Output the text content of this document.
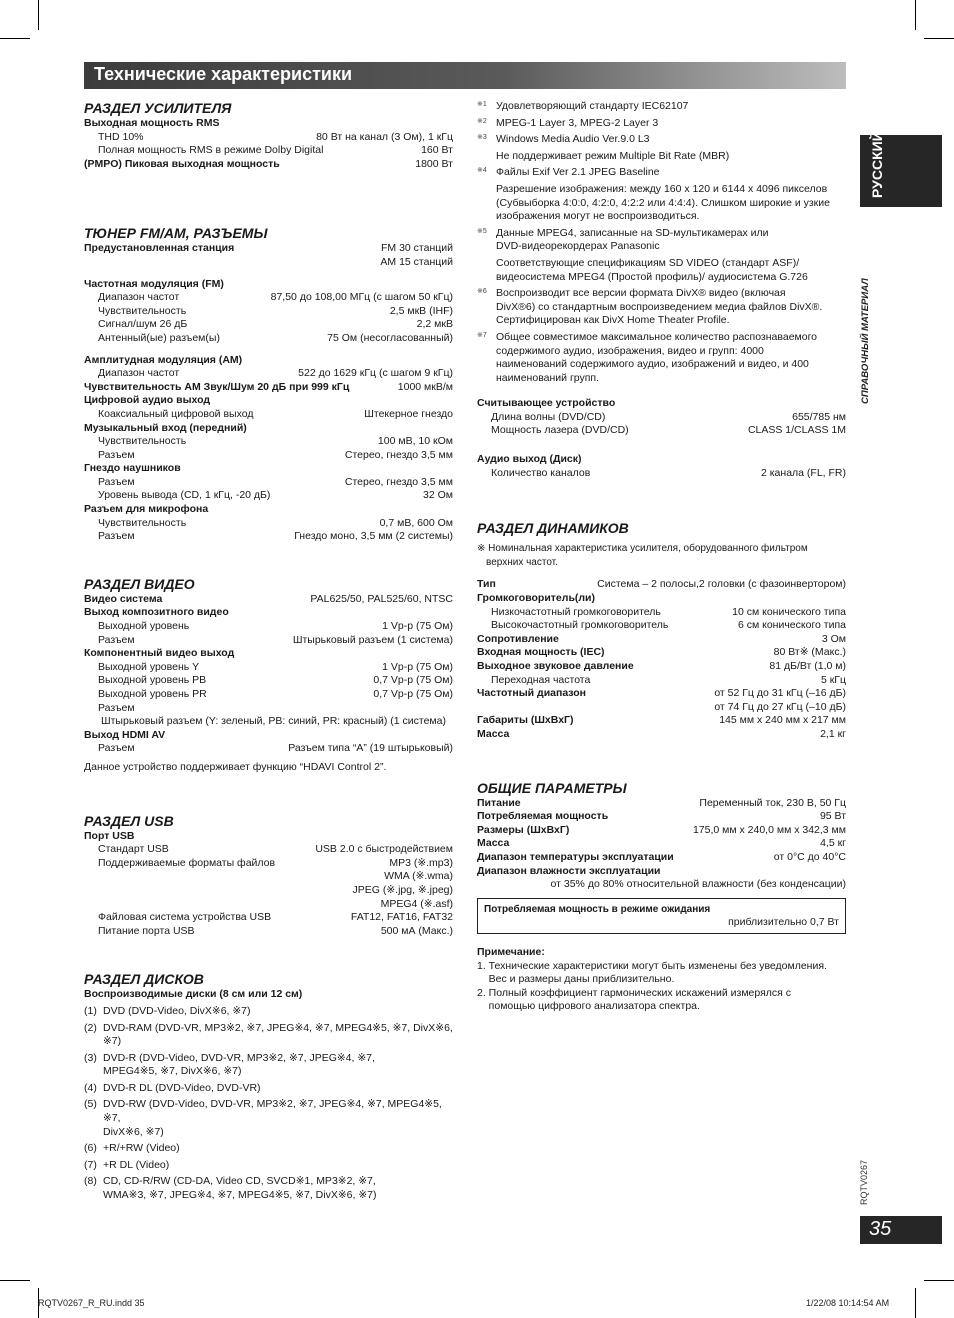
Технические характеристики
РАЗДЕЛ УСИЛИТЕЛЯ
Выходная мощность RMS
THD 10%	80 Вт на канал (3 Ом), 1 кГц
Полная мощность RMS в режиме Dolby Digital	160 Вт
(PMPO) Пиковая выходная мощность	1800 Вт
ТЮНЕР FM/AM, РАЗЪЕМЫ
Предустановленная станция	FM 30 станций
AM 15 станций
Частотная модуляция (FM)
Диапазон частот	87,50 до 108,00 МГц (с шагом 50 кГц)
Чувствительность	2,5 мкВ (IHF)
Сигнал/шум 26 дБ	2,2 мкВ
Антенный(ые) разъем(ы)	75 Ом (несогласованный)
Амплитудная модуляция (AM)
Диапазон частот	522 до 1629 кГц (с шагом 9 кГц)
Чувствительность AM Звук/Шум 20 дБ при 999 кГц	1000 мкВ/м
Цифровой аудио выход
Коаксиальный цифровой выход	Штекерное гнездо
Музыкальный вход (передний)
Чувствительность	100 мВ, 10 кОм
Разъем	Стерео, гнездо 3,5 мм
Гнездо наушников
Разъем	Стерео, гнездо 3,5 мм
Уровень вывода (CD, 1 кГц, -20 дБ)	32 Ом
Разъем для микрофона
Чувствительность	0,7 мВ, 600 Ом
Разъем	Гнездо моно, 3,5 мм (2 системы)
РАЗДЕЛ ВИДЕО
Видео система	PAL625/50, PAL525/60, NTSC
Выход композитного видео
Выходной уровень	1 Vp-p (75 Ом)
Разъем	Штырьковый разъем (1 система)
Компонентный видео выход
Выходной уровень Y	1 Vp-p (75 Ом)
Выходной уровень PB	0,7 Vp-p (75 Ом)
Выходной уровень PR	0,7 Vp-p (75 Ом)
Разъем
Штырьковый разъем (Y: зеленый, PB: синий, PR: красный) (1 система)
Выход HDMI AV
Разъем	Разъем типа “A” (19 штырьковый)
Данное устройство поддерживает функцию “HDAVI Control 2”.
РАЗДЕЛ USB
Порт USB
Стандарт USB	USB 2.0 с быстродействием
Поддерживаемые форматы файлов	MP3 (※.mp3)
WMA (※.wma)
JPEG (※.jpg, ※.jpeg)
MPEG4 (※.asf)
Файловая система устройства USB	FAT12, FAT16, FAT32
Питание порта USB	500 мА (Макс.)
РАЗДЕЛ ДИСКОВ
Воспроизводимые диски (8 см или 12 см)
(1) DVD (DVD-Video, DivX※6, ※7)
(2) DVD-RAM (DVD-VR, MP3※2, ※7, JPEG※4, ※7, MPEG4※5, ※7, DivX※6, ※7)
(3) DVD-R (DVD-Video, DVD-VR, MP3※2, ※7, JPEG※4, ※7,
MPEG4※5, ※7, DivX※6, ※7)
(4) DVD-R DL (DVD-Video, DVD-VR)
(5) DVD-RW (DVD-Video, DVD-VR, MP3※2, ※7, JPEG※4, ※7, MPEG4※5, ※7,
DivX※6, ※7)
(6) +R/+RW (Video)
(7) +R DL (Video)
(8) CD, CD-R/RW (CD-DA, Video CD, SVCD※1, MP3※2, ※7,
WMA※3, ※7, JPEG※4, ※7, MPEG4※5, ※7, DivX※6, ※7)
※1 Удовлетворяющий стандарту IEC62107
※2 MPEG-1 Layer 3, MPEG-2 Layer 3
※3 Windows Media Audio Ver.9.0 L3
Не поддерживает режим Multiple Bit Rate (MBR)
※4 Файлы Exif Ver 2.1 JPEG Baseline
Разрешение изображения: между 160 x 120 и 6144 x 4096 пикселов
(Субвыборка 4:0:0, 4:2:0, 4:2:2 или 4:4:4). Слишком широкие и узкие
изображения могут не воспроизводиться.
※5 Данные MPEG4, записанные на SD-мультикамерах или
DVD-видеорекордерах Panasonic
Соответствующие спецификациям SD VIDEO (стандарт ASF)/
видеосистема MPEG4 (Простой профиль)/ аудиосистема G.726
※6 Воспроизводит все версии формата DivX® видео (включая
DivX®6) со стандартным воспроизведением медиа файлов DivX®.
Сертифицирован как DivX Home Theater Profile.
※7 Общее совместимое максимальное количество распознаваемого
содержимого аудио, изображения, видео и групп: 4000
наименований содержимого аудио, изображений и видео, и 400
наименований групп.
Считывающее устройство
Длина волны (DVD/CD)	655/785 нм
Мощность лазера (DVD/CD)	CLASS 1/CLASS 1M
Аудио выход (Диск)
Количество каналов	2 канала (FL, FR)
РАЗДЕЛ ДИНАМИКОВ
※ Номинальная характеристика усилителя, оборудованного фильтром
верхних частот.
Тип	Система – 2 полосы,2 головки (с фазоинвертором)
Громкоговоритель(ли)
Низкочастотный громкоговоритель	10 см конического типа
Высокочастотный громкоговоритель	6 см конического типа
Сопротивление	3 Ом
Входная мощность (IEC)	80 Вт※ (Макс.)
Выходное звуковое давление	81 дБ/Вт (1,0 м)
Переходная частота	5 кГц
Частотный диапазон	от 52 Гц до 31 кГц (–16 дБ)
от 74 Гц до 27 кГц (–10 дБ)
Габариты (ШхВхГ)	145 мм x 240 мм x 217 мм
Масса	2,1 кг
ОБЩИЕ ПАРАМЕТРЫ
Питание	Переменный ток, 230 В, 50 Гц
Потребляемая мощность	95 Вт
Размеры (ШхВхГ)	175,0 мм x 240,0 мм x 342,3 мм
Масса	4,5 кг
Диапазон температуры эксплуатации	от 0°C до 40°C
Диапазон влажности эксплуатации
от 35% до 80% относительной влажности (без конденсации)
Потребляемая мощность в режиме ожидания
приблизительно 0,7 Вт
Примечание:
1. Технические характеристики могут быть изменены без уведомления.
Вес и размеры даны приблизительно.
2. Полный коэффициент гармонических искажений измерялся с
помощью цифрового анализатора спектра.
РУССКИЙ ЯЗЫК
СПРАВОЧНЫЙ МАТЕРИАЛ
RQTV0267
35
RQTV0267_R_RU.indd 35	1/22/08 10:14:54 AM
